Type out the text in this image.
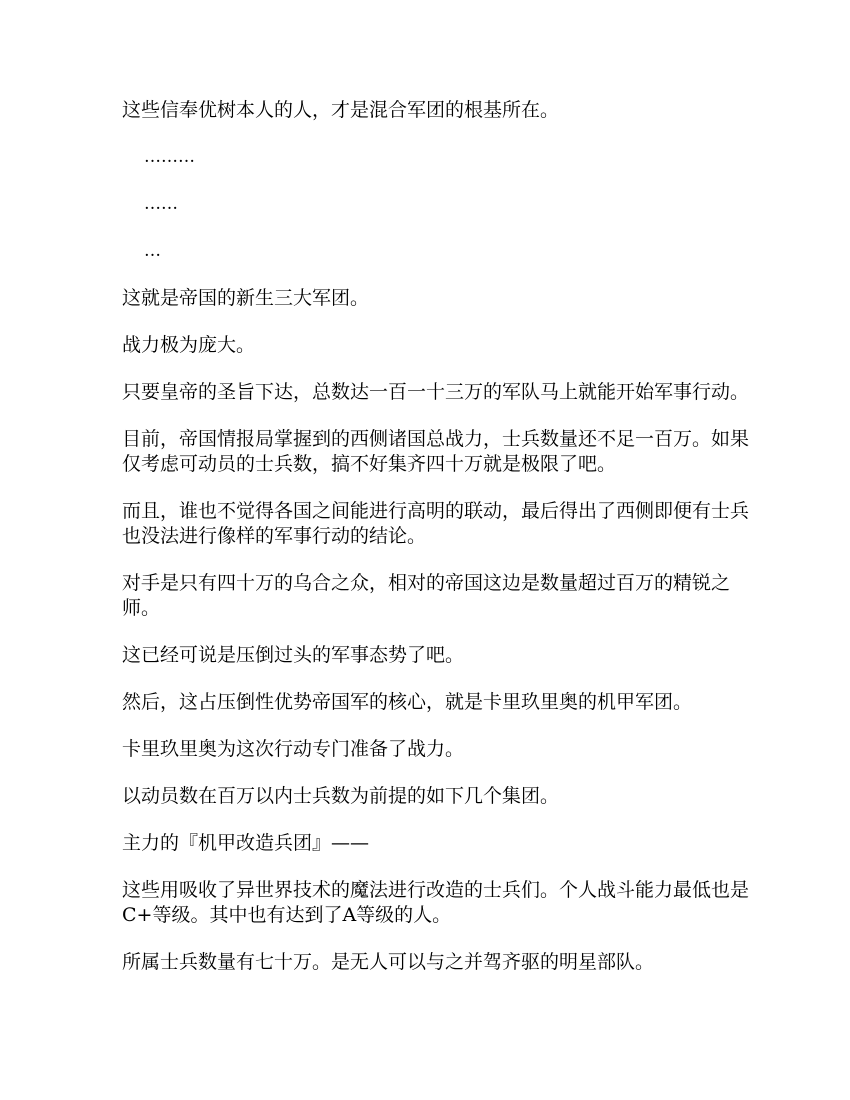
这些信奉优树本人的人，才是混合军团的根基所在。

………

……

…

这就是帝国的新生三大军团。

战力极为庞大。

只要皇帝的圣旨下达，总数达一百一十三万的军队马上就能开始军事行动。

目前，帝国情报局掌握到的西侧诸国总战力，士兵数量还不足一百万。如果仅考虑可动员的士兵数，搞不好集齐四十万就是极限了吧。

而且，谁也不觉得各国之间能进行高明的联动，最后得出了西侧即便有士兵也没法进行像样的军事行动的结论。

对手是只有四十万的乌合之众，相对的帝国这边是数量超过百万的精锐之师。

这已经可说是压倒过头的军事态势了吧。

然后，这占压倒性优势帝国军的核心，就是卡里玖里奥的机甲军团。

卡里玖里奥为这次行动专门准备了战力。

以动员数在百万以内士兵数为前提的如下几个集团。

主力的『机甲改造兵团』——

这些用吸收了异世界技术的魔法进行改造的士兵们。个人战斗能力最低也是C+等级。其中也有达到了A等级的人。

所属士兵数量有七十万。是无人可以与之并驾齐驱的明星部队。
